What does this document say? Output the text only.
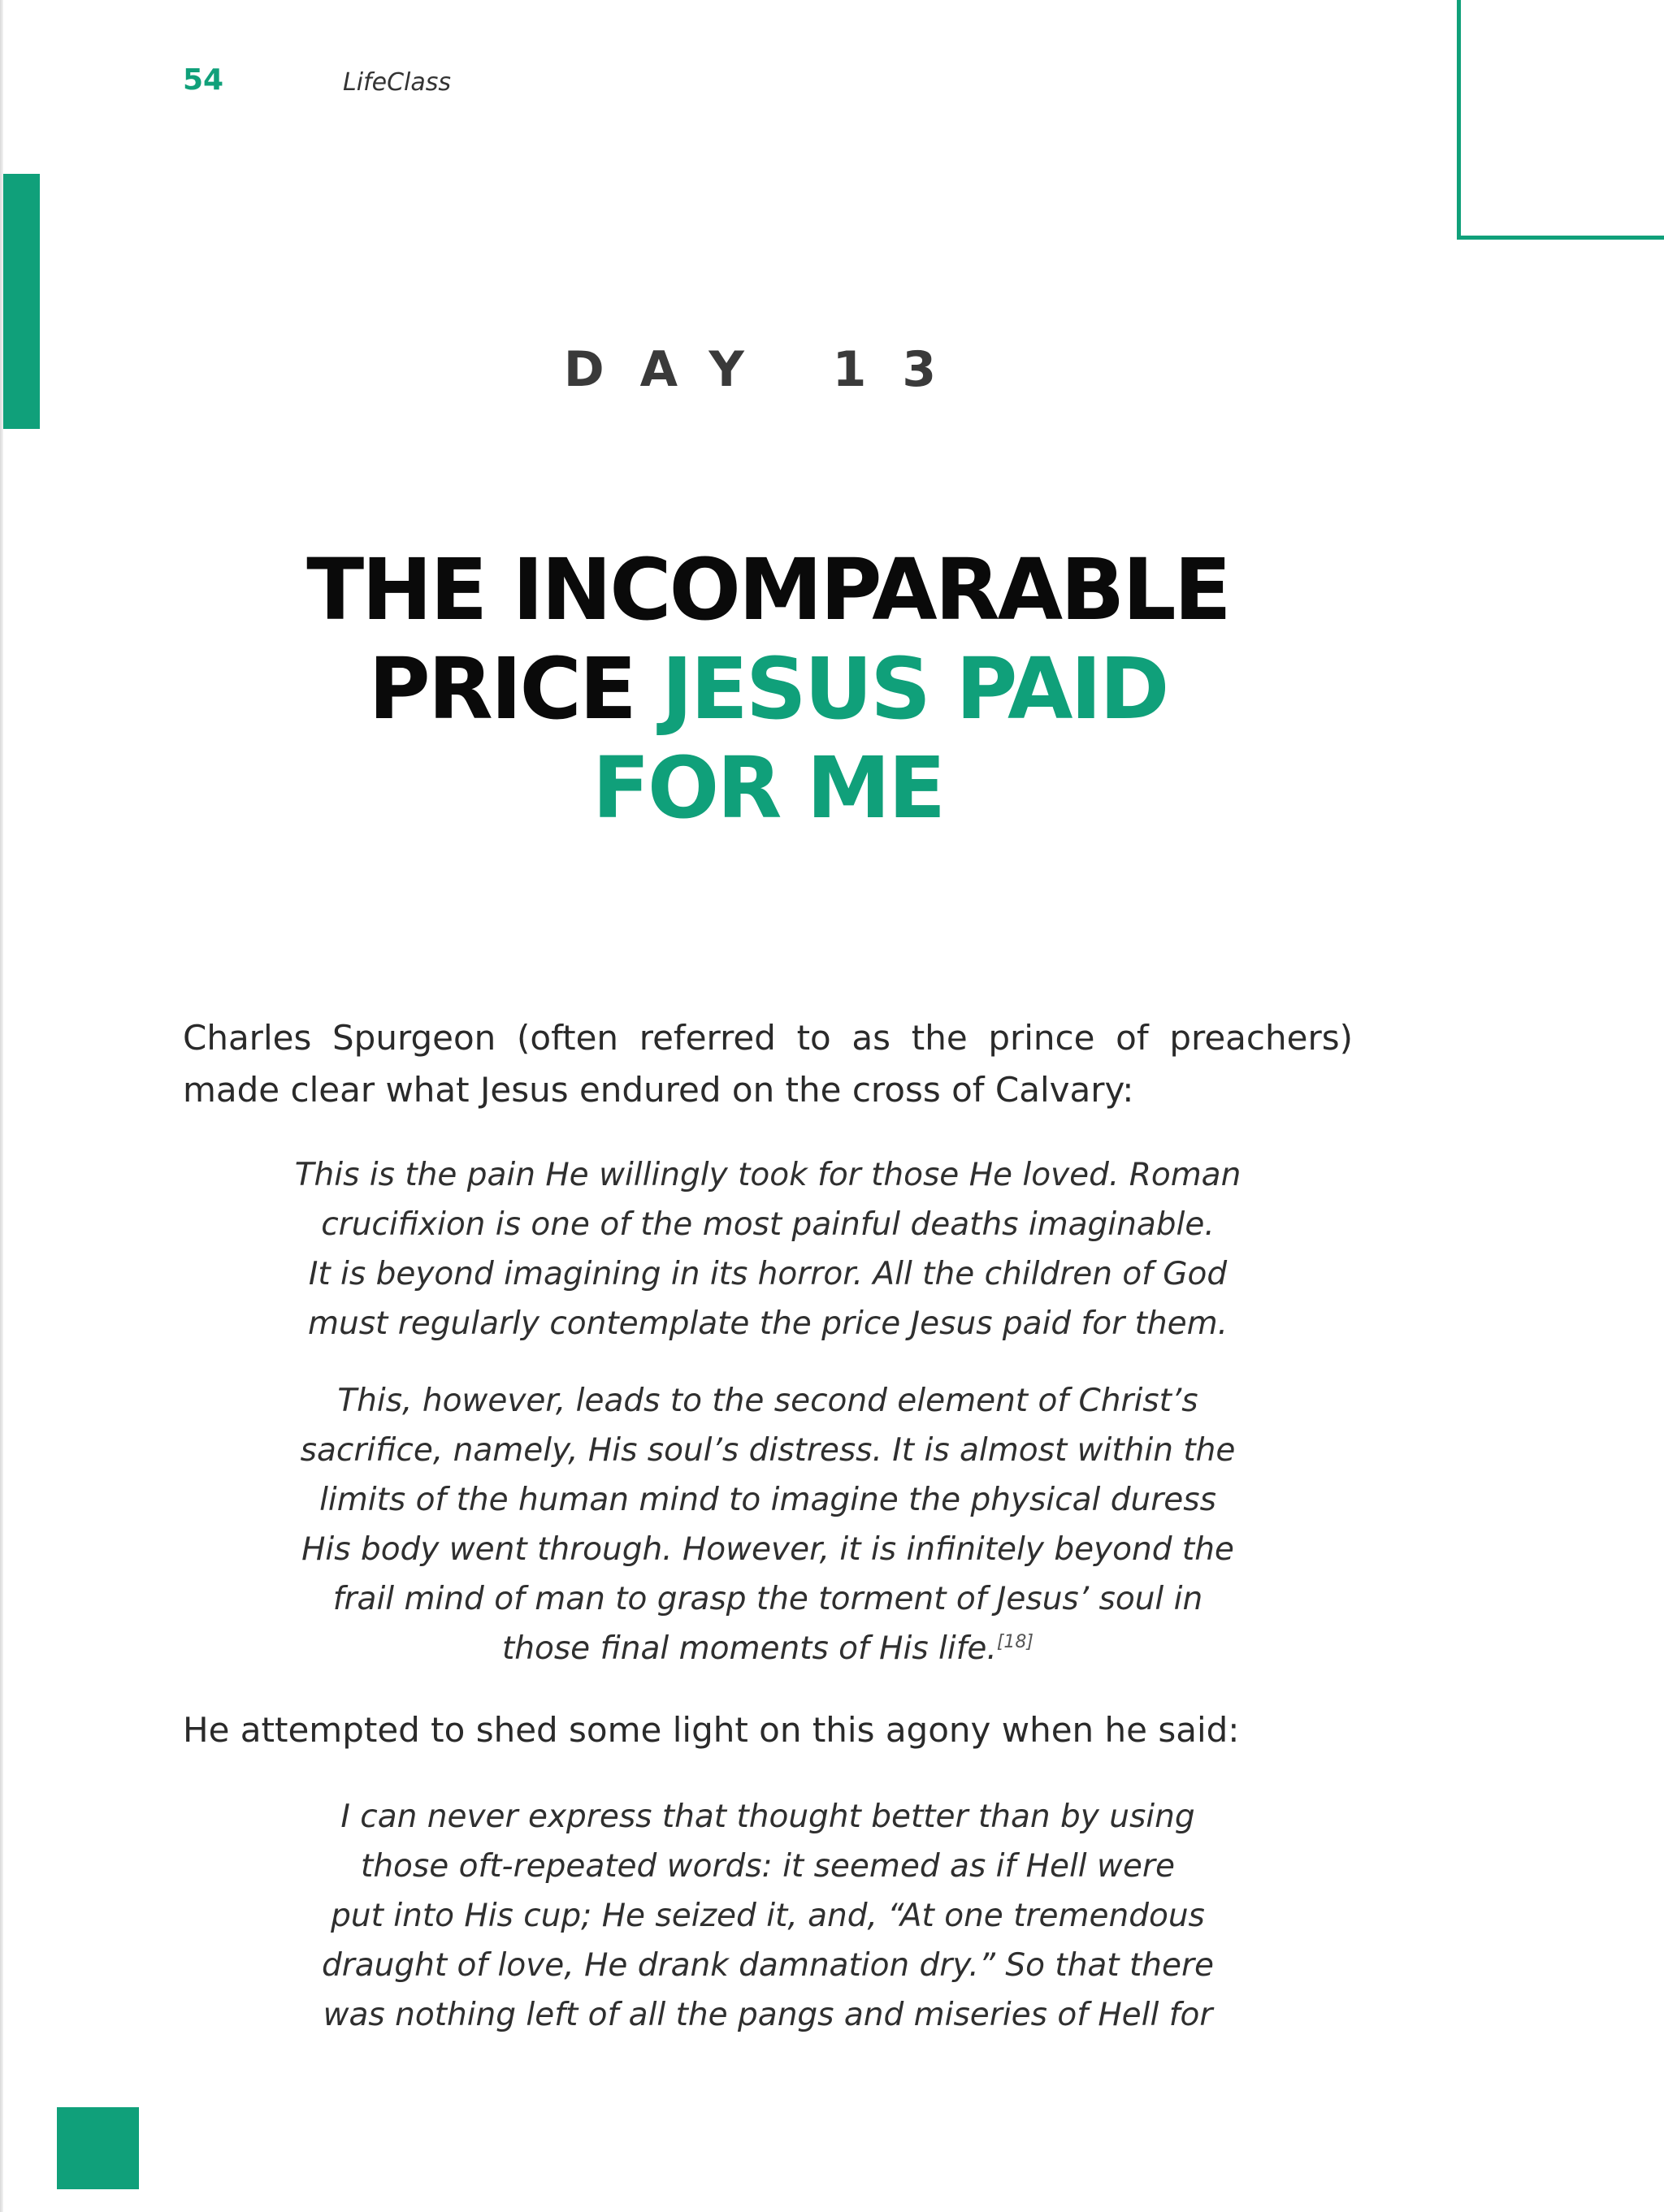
54	LifeClass
DAY 13
THE INCOMPARABLE
PRICE JESUS PAID
FOR ME
Charles Spurgeon (often referred to as the prince of preachers)
made clear what Jesus endured on the cross of Calvary:
This is the pain He willingly took for those He loved. Roman
crucifixion is one of the most painful deaths imaginable.
It is beyond imagining in its horror. All the children of God
must regularly contemplate the price Jesus paid for them.
This, however, leads to the second element of Christ’s
sacrifice, namely, His soul’s distress. It is almost within the
limits of the human mind to imagine the physical duress
His body went through. However, it is infinitely beyond the
frail mind of man to grasp the torment of Jesus’ soul in
those final moments of His life.[18]
He attempted to shed some light on this agony when he said:
I can never express that thought better than by using
those oft-repeated words: it seemed as if Hell were
put into His cup; He seized it, and, “At one tremendous
draught of love, He drank damnation dry.” So that there
was nothing left of all the pangs and miseries of Hell for
